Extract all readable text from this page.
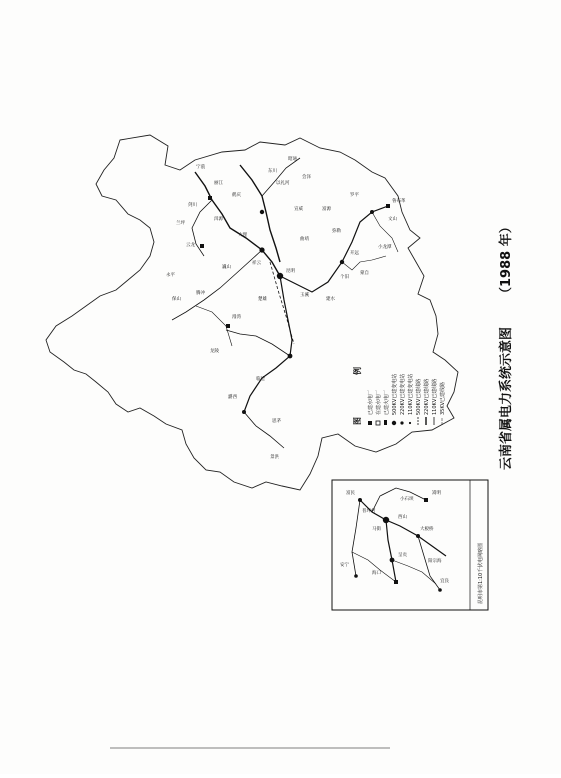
宁蒗
丽江
鹤庆
剑川
兰坪
云龙
洱源
大理
祥云
巍山
永平
保山
腾冲
龙陵
潞西
临沧
思茅
景洪
楚雄
昆明
曲靖
宣威
昭通
玉溪
个旧
开远
文山
蒙自
建水
弥勒
罗平
以礼河
小龙潭
漫湾
鲁布革
东川
会泽
富源
图
例
已建水电厂 在建水电厂 已建火电厂 500KV已建变电站 220KV已建变电站 110KV已建变电站 500KV已建线路 220KV已建线路 110KV已建线路 35KV已建线路
昆明市第1:10千伏电网略图
普坪村
马街
西山
大板桥
呈贡
海口
安宁
小石坝
阳宗海
宜良
嵩明
富民
云南省属电力系统示意图
（1988 年）
